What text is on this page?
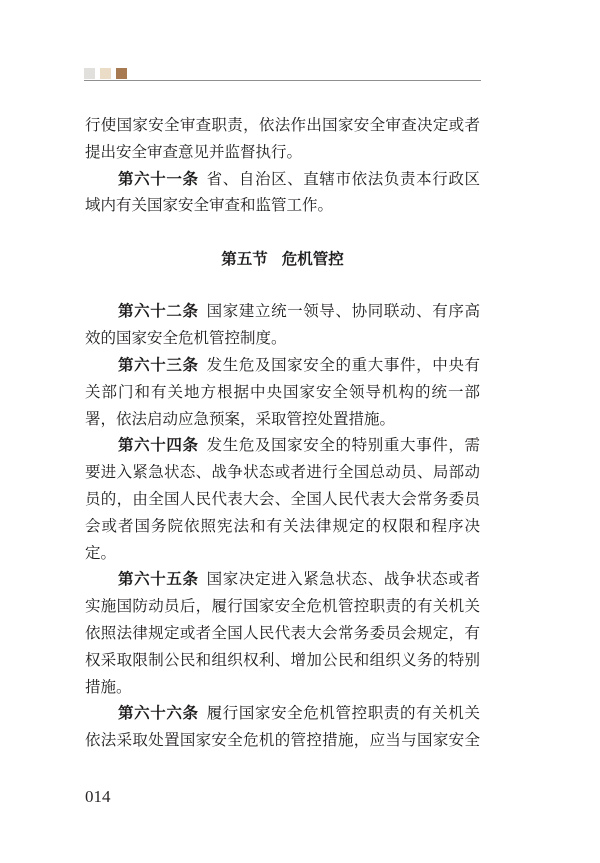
行使国家安全审查职责，依法作出国家安全审查决定或者
提出安全审查意见并监督执行。
第六十一条 省、自治区、直辖市依法负责本行政区
域内有关国家安全审查和监管工作。
第五节 危机管控
第六十二条 国家建立统一领导、协同联动、有序高
效的国家安全危机管控制度。
第六十三条 发生危及国家安全的重大事件，中央有
关部门和有关地方根据中央国家安全领导机构的统一部
署，依法启动应急预案，采取管控处置措施。
第六十四条 发生危及国家安全的特别重大事件，需
要进入紧急状态、战争状态或者进行全国总动员、局部动
员的，由全国人民代表大会、全国人民代表大会常务委员
会或者国务院依照宪法和有关法律规定的权限和程序决
定。
第六十五条 国家决定进入紧急状态、战争状态或者
实施国防动员后，履行国家安全危机管控职责的有关机关
依照法律规定或者全国人民代表大会常务委员会规定，有
权采取限制公民和组织权利、增加公民和组织义务的特别
措施。
第六十六条 履行国家安全危机管控职责的有关机关
依法采取处置国家安全危机的管控措施，应当与国家安全
014
